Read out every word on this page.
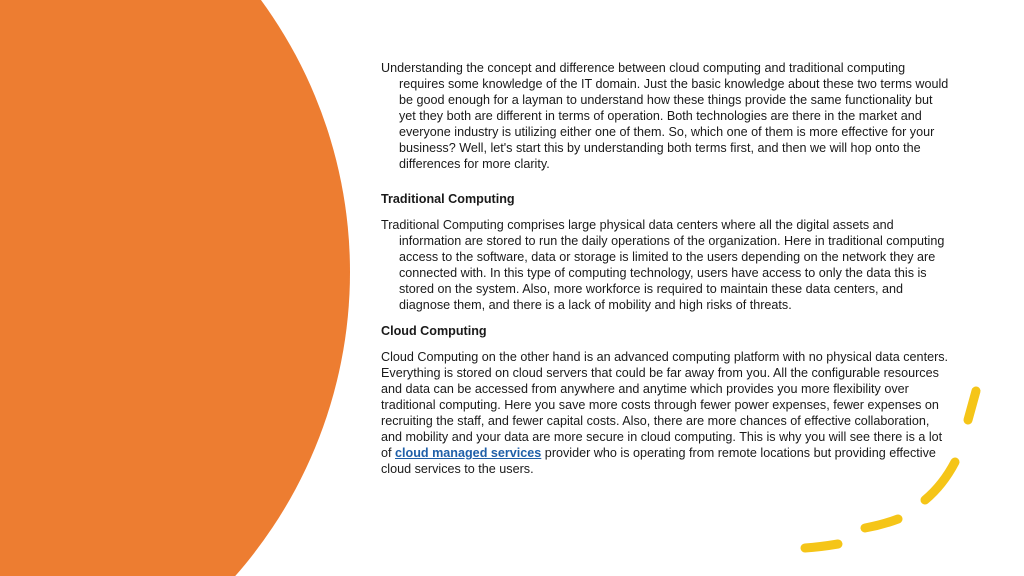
Understanding the concept and difference between cloud computing and traditional computing requires some knowledge of the IT domain. Just the basic knowledge about these two terms would be good enough for a layman to understand how these things provide the same functionality but yet they both are different in terms of operation. Both technologies are there in the market and everyone industry is utilizing either one of them. So, which one of them is more effective for your business? Well, let's start this by understanding both terms first, and then we will hop onto the differences for more clarity.

Traditional Computing

Traditional Computing comprises large physical data centers where all the digital assets and information are stored to run the daily operations of the organization. Here in traditional computing access to the software, data or storage is limited to the users depending on the network they are connected with. In this type of computing technology, users have access to only the data this is stored on the system. Also, more workforce is required to maintain these data centers, and diagnose them, and there is a lack of mobility and high risks of threats.

Cloud Computing

Cloud Computing on the other hand is an advanced computing platform with no physical data centers. Everything is stored on cloud servers that could be far away from you. All the configurable resources and data can be accessed from anywhere and anytime which provides you more flexibility over traditional computing. Here you save more costs through fewer power expenses, fewer expenses on recruiting the staff, and fewer capital costs. Also, there are more chances of effective collaboration, and mobility and your data are more secure in cloud computing. This is why you will see there is a lot of cloud managed services provider who is operating from remote locations but providing effective cloud services to the users.
